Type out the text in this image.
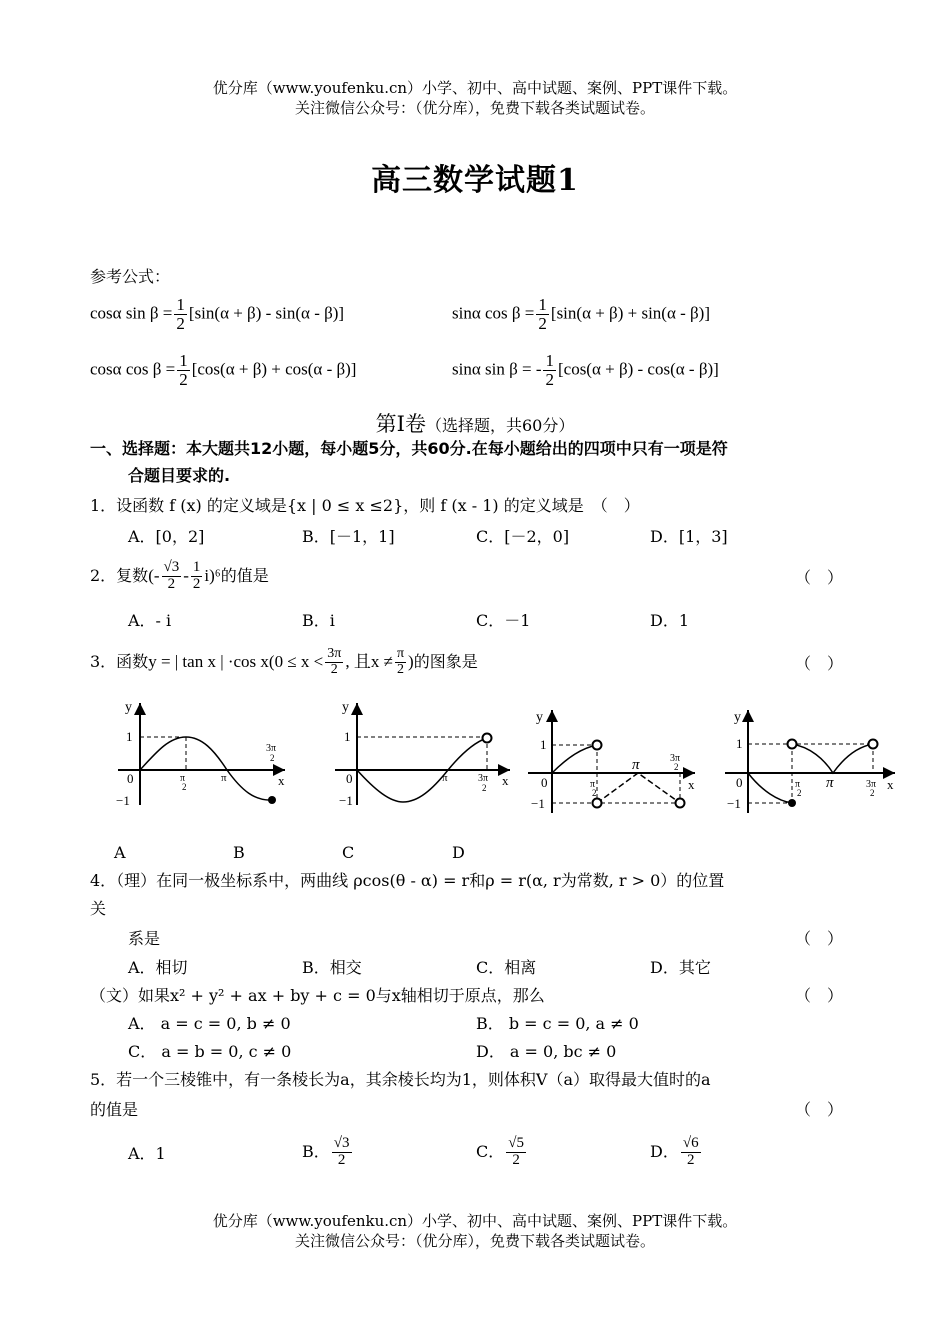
优分库（www.youfenku.cn）小学、初中、高中试题、案例、PPT课件下载。
关注微信公众号：（优分库），免费下载各类试题试卷。
高三数学试题1
参考公式：
cosα $\sin \beta = \frac{1}{2} [\sin(\alpha + \beta) - \sin(\alpha - \beta)]$	sinα $\cos \beta = \frac{1}{2} [\sin(\alpha + \beta) + \sin(\alpha - \beta)]$
cosα $\cos \beta = \frac{1}{2} [\cos(\alpha + \beta) + \cos(\alpha - \beta)]$	sinα sin β = - $\frac{1}{2} [\cos(\alpha + \beta) - \cos(\alpha - \beta)]$
第Ⅰ卷（选择题，共60分）
一、选择题：本大题共12小题，每小题5分，共60分.在每小题给出的四项中只有一项是符
合题目要求的.
1．设函数 f (x) 的定义域是{x | 0 ≤ x ≤2}，则 f (x - 1) 的定义域是　（　）
A．[0，2]	B．[－1，1]	C．[－2，0]	D．[1，3]
2．复数(- $\frac{√3}{2} - \frac{1}{2} i)^6$的值是	（　）
A．- i	B．i	C．－1	D．1
3．函数y = | tan x | ·cos $x(0 \le x < \frac{3\pi}{2}$ , 且$x \ne \frac{\pi}{2}$ )的图象是	（　）
y
x
1
0
−1
π
2
π
3π
2
y
x
1
0
−1
π	3π
2
y
x
1
0
−1
π
2
π	3π
2
y
x
1
0
−1
π
2
π	3π
2
A	B	C	D
4．（理）在同一极坐标系中，两曲线 ρcos(θ - α) = r和ρ = r(α, r为常数, r > 0）的位置
关
系是	（　）
A．相切	B．相交	C．相离	D．其它
（文）如果x² + y² + ax + by + c = 0与x轴相切于原点，那么	（　）
A． a = c = 0, b ≠ 0	B． b = c = 0, a ≠ 0
C． a = b = 0, c ≠ 0	D． a = 0, bc ≠ 0
5．若一个三棱锥中，有一条棱长为a，其余棱长均为1，则体积V（a）取得最大值时的a
的值是	（　）
A．1	B． $\frac{√3}{2}$	C． $\frac{√5}{2}$	D． $\frac{√6}{2}$
优分库（www.youfenku.cn）小学、初中、高中试题、案例、PPT课件下载。
关注微信公众号：（优分库），免费下载各类试题试卷。
